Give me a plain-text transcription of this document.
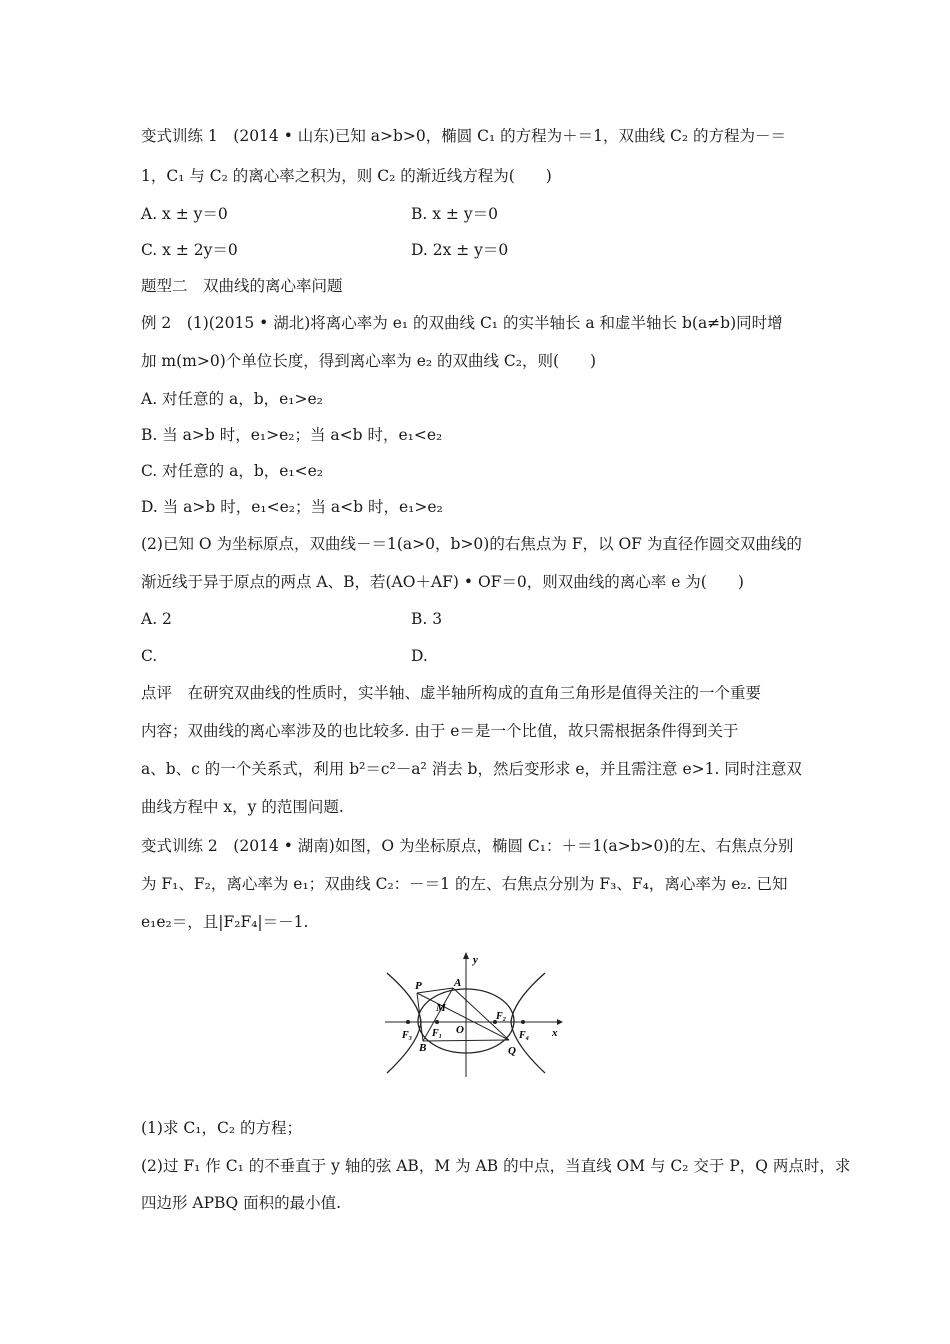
变式训练 1　(2014 • 山东)已知 a>b>0，椭圆 C₁ 的方程为＋＝1，双曲线 C₂ 的方程为－＝
1，C₁ 与 C₂ 的离心率之积为，则 C₂ 的渐近线方程为(　　)
A. x ± y＝0	B. x ± y＝0
C. x ± 2y＝0	D. 2x ± y＝0
题型二　双曲线的离心率问题
例 2　(1)(2015 • 湖北)将离心率为 e₁ 的双曲线 C₁ 的实半轴长 a 和虚半轴长 b(a≠b)同时增
加 m(m>0)个单位长度，得到离心率为 e₂ 的双曲线 C₂，则(　　)
A. 对任意的 a，b，e₁>e₂
B. 当 a>b 时，e₁>e₂；当 a<b 时，e₁<e₂
C. 对任意的 a，b，e₁<e₂
D. 当 a>b 时，e₁<e₂；当 a<b 时，e₁>e₂
(2)已知 O 为坐标原点，双曲线－＝1(a>0，b>0)的右焦点为 F，以 OF 为直径作圆交双曲线的
渐近线于异于原点的两点 A、B，若(AO＋AF) • OF＝0，则双曲线的离心率 e 为(　　)
A. 2	B. 3
C.	D.
点评　在研究双曲线的性质时，实半轴、虚半轴所构成的直角三角形是值得关注的一个重要
内容；双曲线的离心率涉及的也比较多. 由于 e＝是一个比值，故只需根据条件得到关于
a、b、c 的一个关系式，利用 b²＝c²－a² 消去 b，然后变形求 e，并且需注意 e>1. 同时注意双
曲线方程中 x，y 的范围问题.
变式训练 2　(2014 • 湖南)如图，O 为坐标原点，椭圆 C₁：＋＝1(a>b>0)的左、右焦点分别
为 F₁、F₂，离心率为 e₁；双曲线 C₂：－＝1 的左、右焦点分别为 F₃、F₄，离心率为 e₂. 已知
e₁e₂＝，且|F₂F₄|＝－1.
y
x
P	A
M
O
F₁
F₂
F₃	F₄
B	Q
(1)求 C₁，C₂ 的方程；
(2)过 F₁ 作 C₁ 的不垂直于 y 轴的弦 AB，M 为 AB 的中点，当直线 OM 与 C₂ 交于 P，Q 两点时，求
四边形 APBQ 面积的最小值.
